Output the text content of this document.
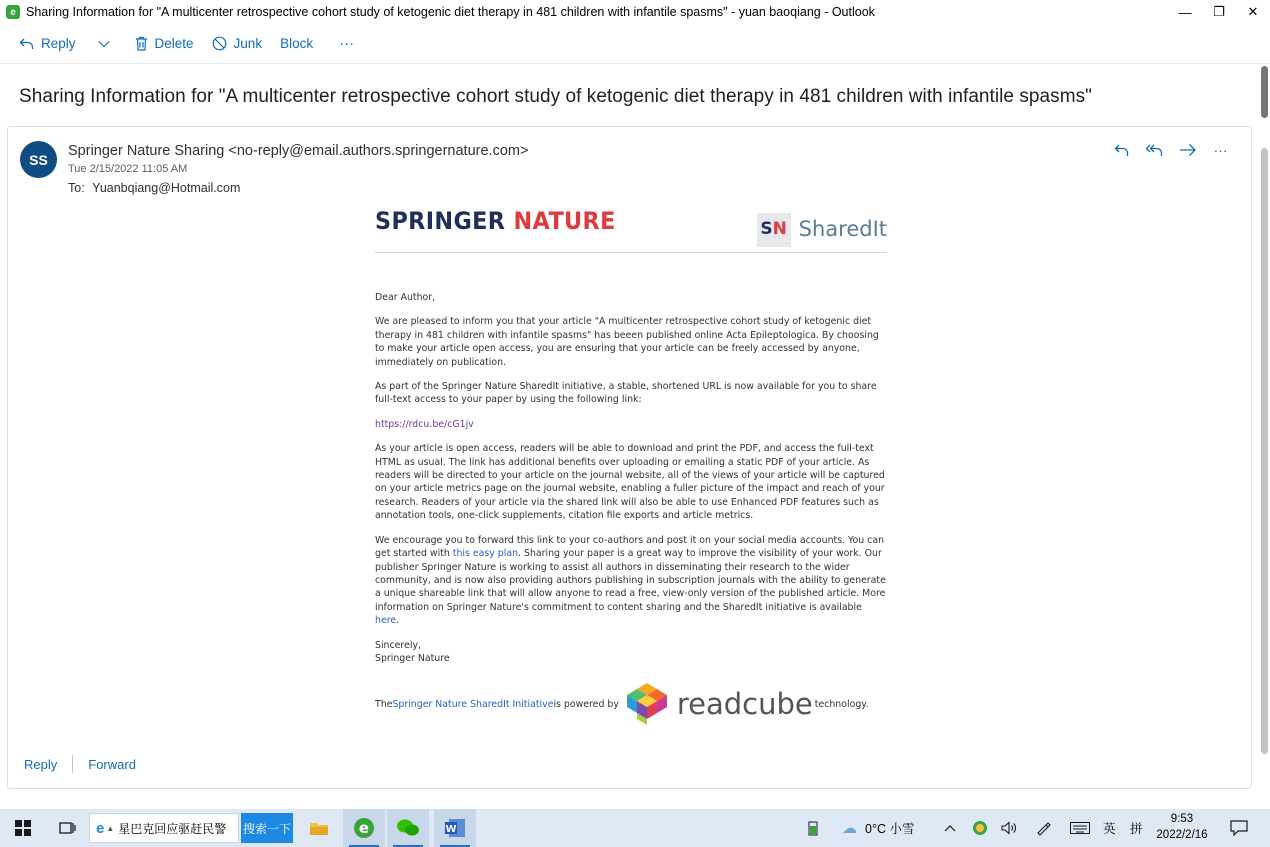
e Sharing Information for "A multicenter retrospective cohort study of ketogenic diet therapy in 481 children with infantile spasms" - yuan baoqiang - Outlook	—	❐	✕
Reply	Delete	Junk Block ···
Sharing Information for "A multicenter retrospective cohort study of ketogenic diet therapy in 481 children with infantile spasms"
SS
Springer Nature Sharing <no-reply@email.authors.springernature.com>
Tue 2/15/2022 11:05 AM
To: Yuanbqiang@Hotmail.com
···
SPRINGER NATURE	S N SharedIt

Dear Author,

We are pleased to inform you that your article "A multicenter retrospective cohort study of ketogenic diet therapy in 481 children with infantile spasms" has beeen published online Acta Epileptologica. By choosing to make your article open access, you are ensuring that your article can be freely accessed by anyone, immediately on publication.

As part of the Springer Nature SharedIt initiative, a stable, shortened URL is now available for you to share full-text access to your paper by using the following link:

https://rdcu.be/cG1jv

As your article is open access, readers will be able to download and print the PDF, and access the full-text HTML as usual. The link has additional benefits over uploading or emailing a static PDF of your article. As readers will be directed to your article on the journal website, all of the views of your article will be captured on your article metrics page on the journal website, enabling a fuller picture of the impact and reach of your research. Readers of your article via the shared link will also be able to use Enhanced PDF features such as annotation tools, one-click supplements, citation file exports and article metrics.

We encourage you to forward this link to your co-authors and post it on your social media accounts. You can get started with this easy plan. Sharing your paper is a great way to improve the visibility of your work. Our publisher Springer Nature is working to assist all authors in disseminating their research to the wider community, and is now also providing authors publishing in subscription journals with the ability to generate a unique shareable link that will allow anyone to read a free, view-only version of the published article. More information on Springer Nature's commitment to content sharing and the SharedIt initiative is available here.

Sincerely,
Springer Nature

The Springer Nature SharedIt Initiative is powered by readcube technology.
Reply Forward
e ▲ 星巴克回应驱赶民警 搜索一下	e	W	☁ 0°C 小雪	英 拼
9:53
2022/2/16
